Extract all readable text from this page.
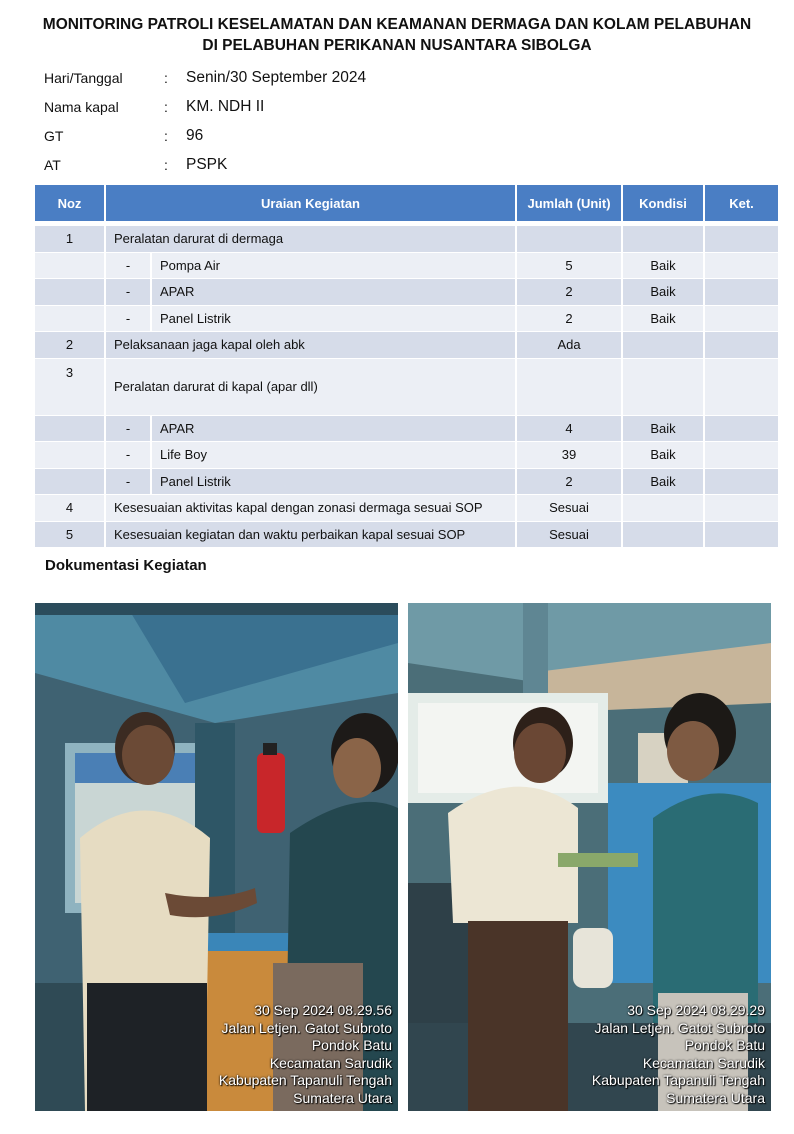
MONITORING PATROLI KESELAMATAN DAN KEAMANAN DERMAGA DAN KOLAM PELABUHAN
DI PELABUHAN PERIKANAN NUSANTARA SIBOLGA
Hari/Tanggal	: Senin/30 September 2024
Nama kapal	: KM. NDH II
GT	: 96
AT	: PSPK
Noz	Uraian Kegiatan		Jumlah (Unit)	Kondisi	Ket.

1	Peralatan darurat di dermaga				
	-	Pompa Air	5	Baik	
	-	APAR	2	Baik	
	-	Panel Listrik	2	Baik	
2	Pelaksanaan jaga kapal oleh abk		Ada		
3	Peralatan darurat di kapal (apar dll)				
	-	APAR	4	Baik	
	-	Life Boy	39	Baik	
	-	Panel Listrik	2	Baik	
4	Kesesuaian aktivitas kapal dengan zonasi dermaga sesuai SOP		Sesuai		
5	Kesesuaian kegiatan dan waktu perbaikan kapal sesuai SOP		Sesuai		
Dokumentasi Kegiatan
30 Sep 2024 08.29.56
Jalan Letjen. Gatot Subroto
Pondok Batu
Kecamatan Sarudik
Kabupaten Tapanuli Tengah
Sumatera Utara
30 Sep 2024 08.29.29
Jalan Letjen. Gatot Subroto
Pondok Batu
Kecamatan Sarudik
Kabupaten Tapanuli Tengah
Sumatera Utara
